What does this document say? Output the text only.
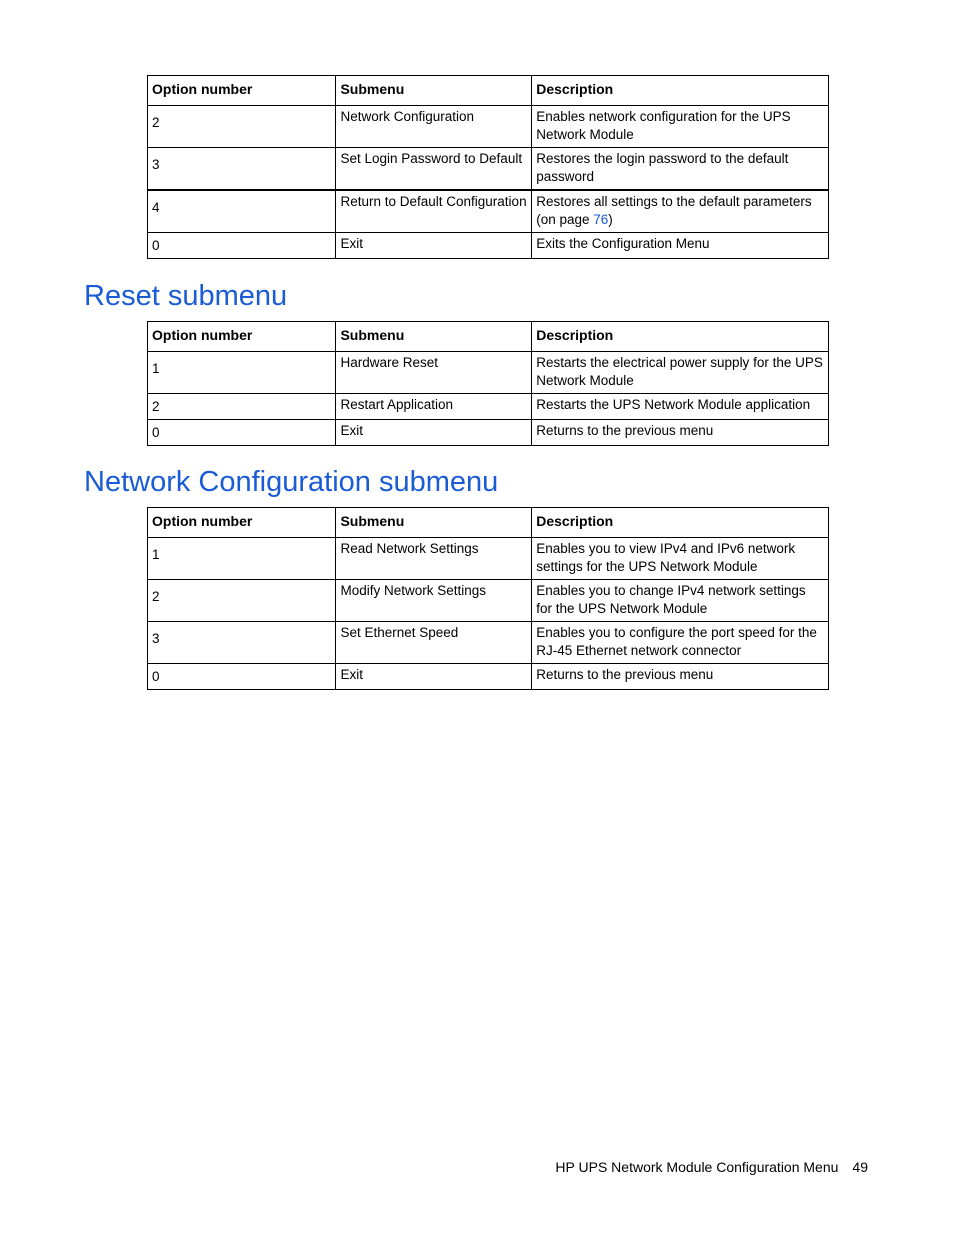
Option number	Submenu	Description
2	Network Configuration	Enables network configuration for the UPS Network Module
3	Set Login Password to Default	Restores the login password to the default password
4	Return to Default Configuration	Restores all settings to the default parameters (on page 76)
0	Exit	Exits the Configuration Menu
Reset submenu
Option number	Submenu	Description
1	Hardware Reset	Restarts the electrical power supply for the UPS Network Module
2	Restart Application	Restarts the UPS Network Module application
0	Exit	Returns to the previous menu
Network Configuration submenu
Option number	Submenu	Description
1	Read Network Settings	Enables you to view IPv4 and IPv6 network settings for the UPS Network Module
2	Modify Network Settings	Enables you to change IPv4 network settings for the UPS Network Module
3	Set Ethernet Speed	Enables you to configure the port speed for the RJ-45 Ethernet network connector
0	Exit	Returns to the previous menu
HP UPS Network Module Configuration Menu 49
